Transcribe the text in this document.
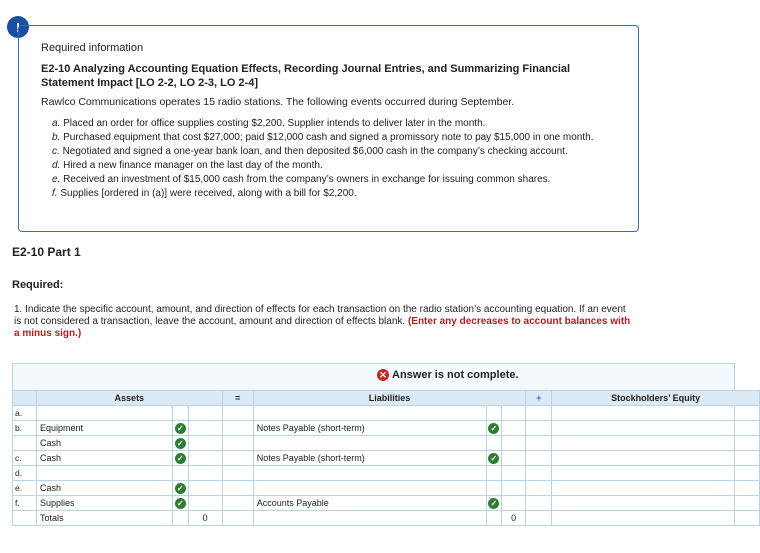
!
Required information
E2-10 Analyzing Accounting Equation Effects, Recording Journal Entries, and Summarizing Financial Statement Impact [LO 2-2, LO 2-3, LO 2-4]
Rawlco Communications operates 15 radio stations. The following events occurred during September.
a. Placed an order for office supplies costing $2,200. Supplier intends to deliver later in the month.
b. Purchased equipment that cost $27,000; paid $12,000 cash and signed a promissory note to pay $15,000 in one month.
c. Negotiated and signed a one-year bank loan, and then deposited $6,000 cash in the company’s checking account.
d. Hired a new finance manager on the last day of the month.
e. Received an investment of $15,000 cash from the company’s owners in exchange for issuing common shares.
f. Supplies [ordered in (a)] were received, along with a bill for $2,200.
E2-10 Part 1
Required:
1. Indicate the specific account, amount, and direction of effects for each transaction on the radio station’s accounting equation. If an event is not considered a transaction, leave the account, amount and direction of effects blank. (Enter any decreases to account balances with a minus sign.)
✕ Answer is not complete.
	Assets			=	Liabilities			+	Stockholders’ Equity
a.									
b.	Equipment	✓			Notes Payable (short-term)	✓			
	Cash	✓							
c.	Cash	✓			Notes Payable (short-term)	✓			
d.									
e.	Cash	✓							
f.	Supplies	✓			Accounts Payable	✓			
	Totals		0				0		
